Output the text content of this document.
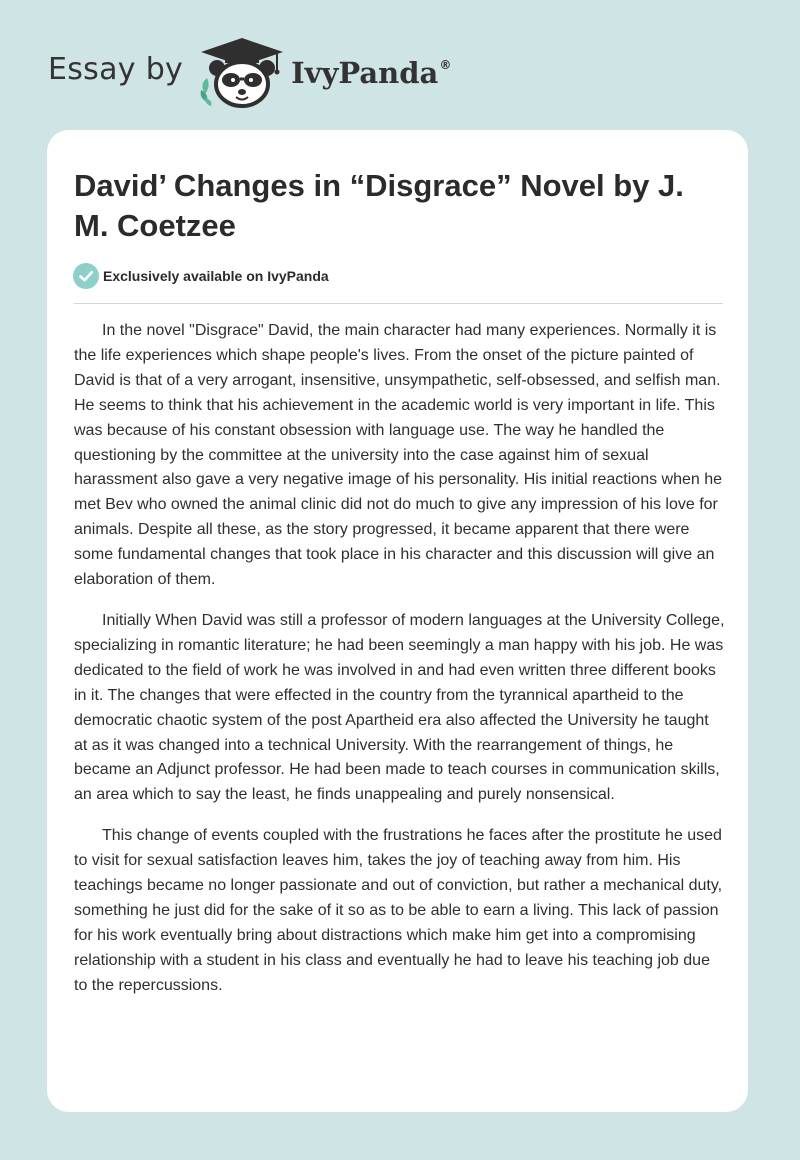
Essay by	IvyPanda®
David’ Changes in “Disgrace” Novel by J. M. Coetzee
Exclusively available on IvyPanda

In the novel "Disgrace" David, the main character had many experiences. Normally it is the life experiences which shape people's lives. From the onset of the picture painted of David is that of a very arrogant, insensitive, unsympathetic, self-obsessed, and selfish man. He seems to think that his achievement in the academic world is very important in life. This was because of his constant obsession with language use. The way he handled the questioning by the committee at the university into the case against him of sexual harassment also gave a very negative image of his personality. His initial reactions when he met Bev who owned the animal clinic did not do much to give any impression of his love for animals. Despite all these, as the story progressed, it became apparent that there were some fundamental changes that took place in his character and this discussion will give an elaboration of them.

Initially When David was still a professor of modern languages at the University College, specializing in romantic literature; he had been seemingly a man happy with his job. He was dedicated to the field of work he was involved in and had even written three different books in it. The changes that were effected in the country from the tyrannical apartheid to the democratic chaotic system of the post Apartheid era also affected the University he taught at as it was changed into a technical University. With the rearrangement of things, he became an Adjunct professor. He had been made to teach courses in communication skills, an area which to say the least, he finds unappealing and purely nonsensical.

This change of events coupled with the frustrations he faces after the prostitute he used to visit for sexual satisfaction leaves him, takes the joy of teaching away from him. His teachings became no longer passionate and out of conviction, but rather a mechanical duty, something he just did for the sake of it so as to be able to earn a living. This lack of passion for his work eventually bring about distractions which make him get into a compromising relationship with a student in his class and eventually he had to leave his teaching job due to the repercussions.
